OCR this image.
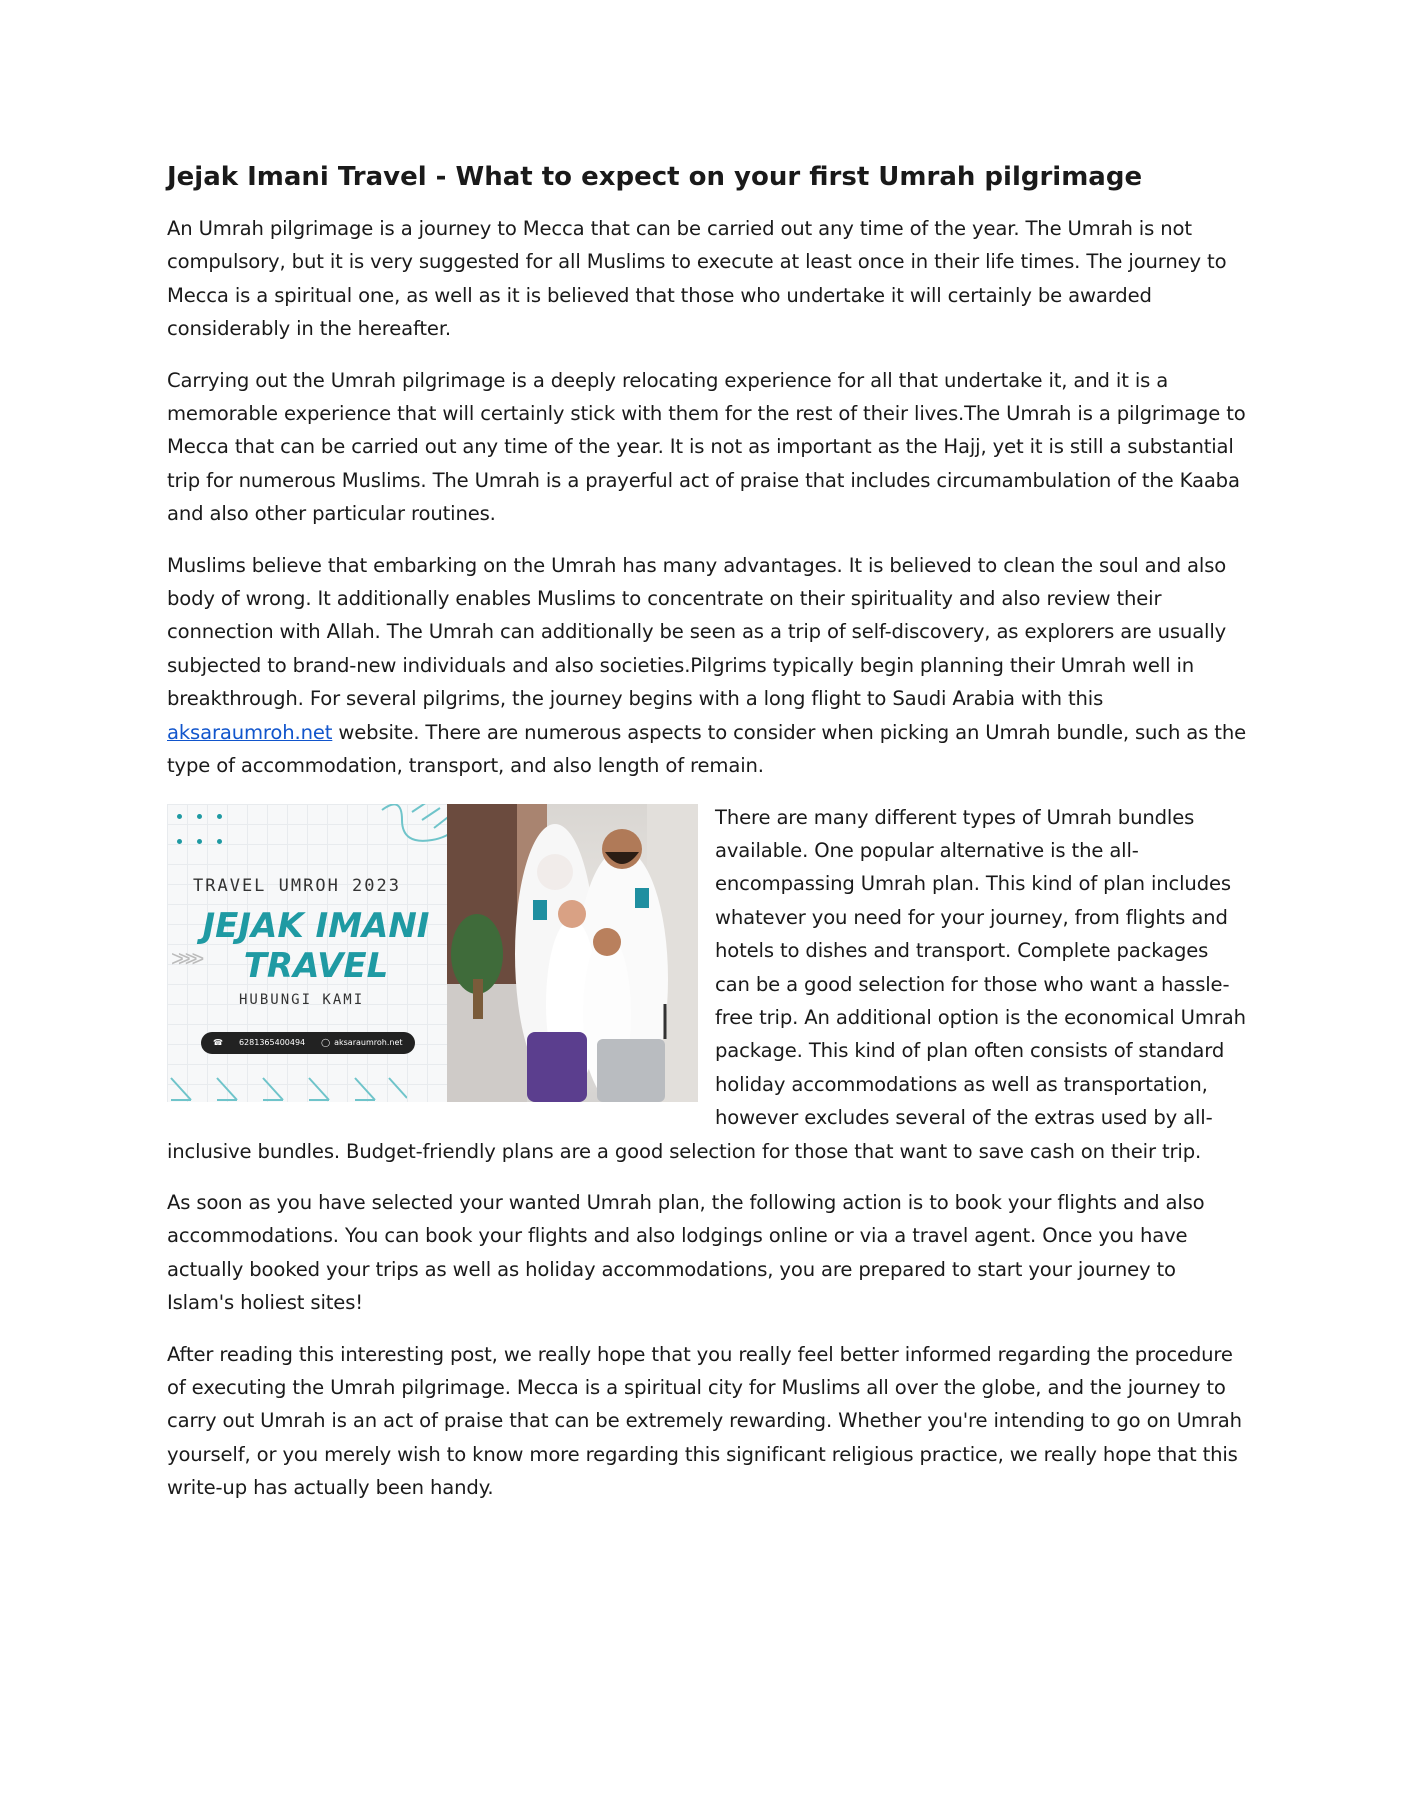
Jejak Imani Travel - What to expect on your first Umrah pilgrimage

An Umrah pilgrimage is a journey to Mecca that can be carried out any time of the year. The Umrah is not compulsory, but it is very suggested for all Muslims to execute at least once in their life times. The journey to Mecca is a spiritual one, as well as it is believed that those who undertake it will certainly be awarded considerably in the hereafter.

Carrying out the Umrah pilgrimage is a deeply relocating experience for all that undertake it, and it is a memorable experience that will certainly stick with them for the rest of their lives.The Umrah is a pilgrimage to Mecca that can be carried out any time of the year. It is not as important as the Hajj, yet it is still a substantial trip for numerous Muslims. The Umrah is a prayerful act of praise that includes circumambulation of the Kaaba and also other particular routines.

Muslims believe that embarking on the Umrah has many advantages. It is believed to clean the soul and also body of wrong. It additionally enables Muslims to concentrate on their spirituality and also review their connection with Allah. The Umrah can additionally be seen as a trip of self-discovery, as explorers are usually subjected to brand-new individuals and also societies.Pilgrims typically begin planning their Umrah well in breakthrough. For several pilgrims, the journey begins with a long flight to Saudi Arabia with this aksaraumroh.net website. There are numerous aspects to consider when picking an Umrah bundle, such as the type of accommodation, transport, and also length of remain.

TRAVEL UMROH 2023
JEJAK IMANI
TRAVEL
>>>>
HUBUNGI KAMI
☎ 6281365400494 ◯ aksaraumroh.net

There are many different types of Umrah bundles available. One popular alternative is the all-encompassing Umrah plan. This kind of plan includes whatever you need for your journey, from flights and hotels to dishes and transport. Complete packages can be a good selection for those who want a hassle-free trip. An additional option is the economical Umrah package. This kind of plan often consists of standard holiday accommodations as well as transportation, however excludes several of the extras used by all-inclusive bundles. Budget-friendly plans are a good selection for those that want to save cash on their trip.

As soon as you have selected your wanted Umrah plan, the following action is to book your flights and also accommodations. You can book your flights and also lodgings online or via a travel agent. Once you have actually booked your trips as well as holiday accommodations, you are prepared to start your journey to Islam's holiest sites!

After reading this interesting post, we really hope that you really feel better informed regarding the procedure of executing the Umrah pilgrimage. Mecca is a spiritual city for Muslims all over the globe, and the journey to carry out Umrah is an act of praise that can be extremely rewarding. Whether you're intending to go on Umrah yourself, or you merely wish to know more regarding this significant religious practice, we really hope that this write-up has actually been handy.
